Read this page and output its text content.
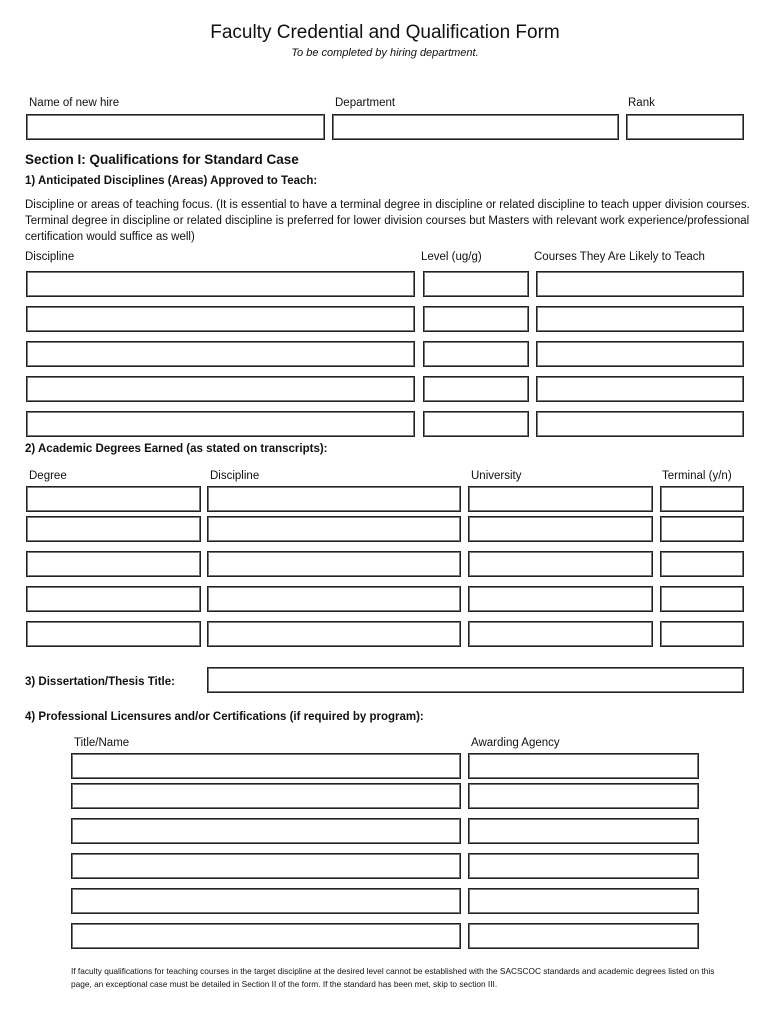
Faculty Credential and Qualification Form
To be completed by hiring department.
Name of new hire	Department	Rank
Section I: Qualifications for Standard Case
1) Anticipated Disciplines (Areas) Approved to Teach:
Discipline or areas of teaching focus. (It is essential to have a terminal degree in discipline or related discipline to teach upper division courses. Terminal degree in discipline or related discipline is preferred for lower division courses but Masters with relevant work experience/professional certification would suffice as well)
Discipline	Level (ug/g)	Courses They Are Likely to Teach
2) Academic Degrees Earned (as stated on transcripts):
Degree	Discipline	University	Terminal (y/n)
3) Dissertation/Thesis Title:
4) Professional Licensures and/or Certifications (if required by program):
Title/Name	Awarding Agency
If faculty qualifications for teaching courses in the target discipline at the desired level cannot be established with the SACSCOC standards and academic degrees listed on this page, an exceptional case must be detailed in Section II of the form. If the standard has been met, skip to section III.
